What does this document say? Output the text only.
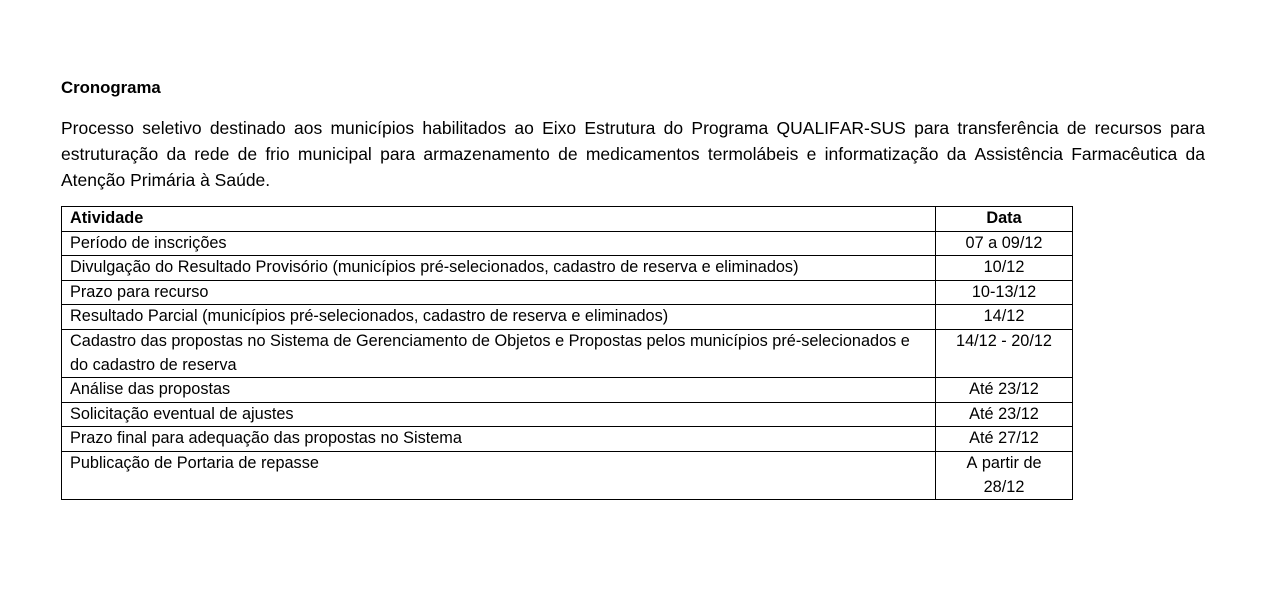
Cronograma

Processo seletivo destinado aos municípios habilitados ao Eixo Estrutura do Programa QUALIFAR-SUS para transferência de recursos para estruturação da rede de frio municipal para armazenamento de medicamentos termolábeis e informatização da Assistência Farmacêutica da Atenção Primária à Saúde.

Atividade	Data
Período de inscrições	07 a 09/12
Divulgação do Resultado Provisório (municípios pré-selecionados, cadastro de reserva e eliminados)	10/12
Prazo para recurso	10-13/12
Resultado Parcial (municípios pré-selecionados, cadastro de reserva e eliminados)	14/12
Cadastro das propostas no Sistema de Gerenciamento de Objetos e Propostas pelos municípios pré-selecionados e do cadastro de reserva	14/12 - 20/12
Análise das propostas	Até 23/12
Solicitação eventual de ajustes	Até 23/12
Prazo final para adequação das propostas no Sistema	Até 27/12
Publicação de Portaria de repasse	A partir de 28/12
